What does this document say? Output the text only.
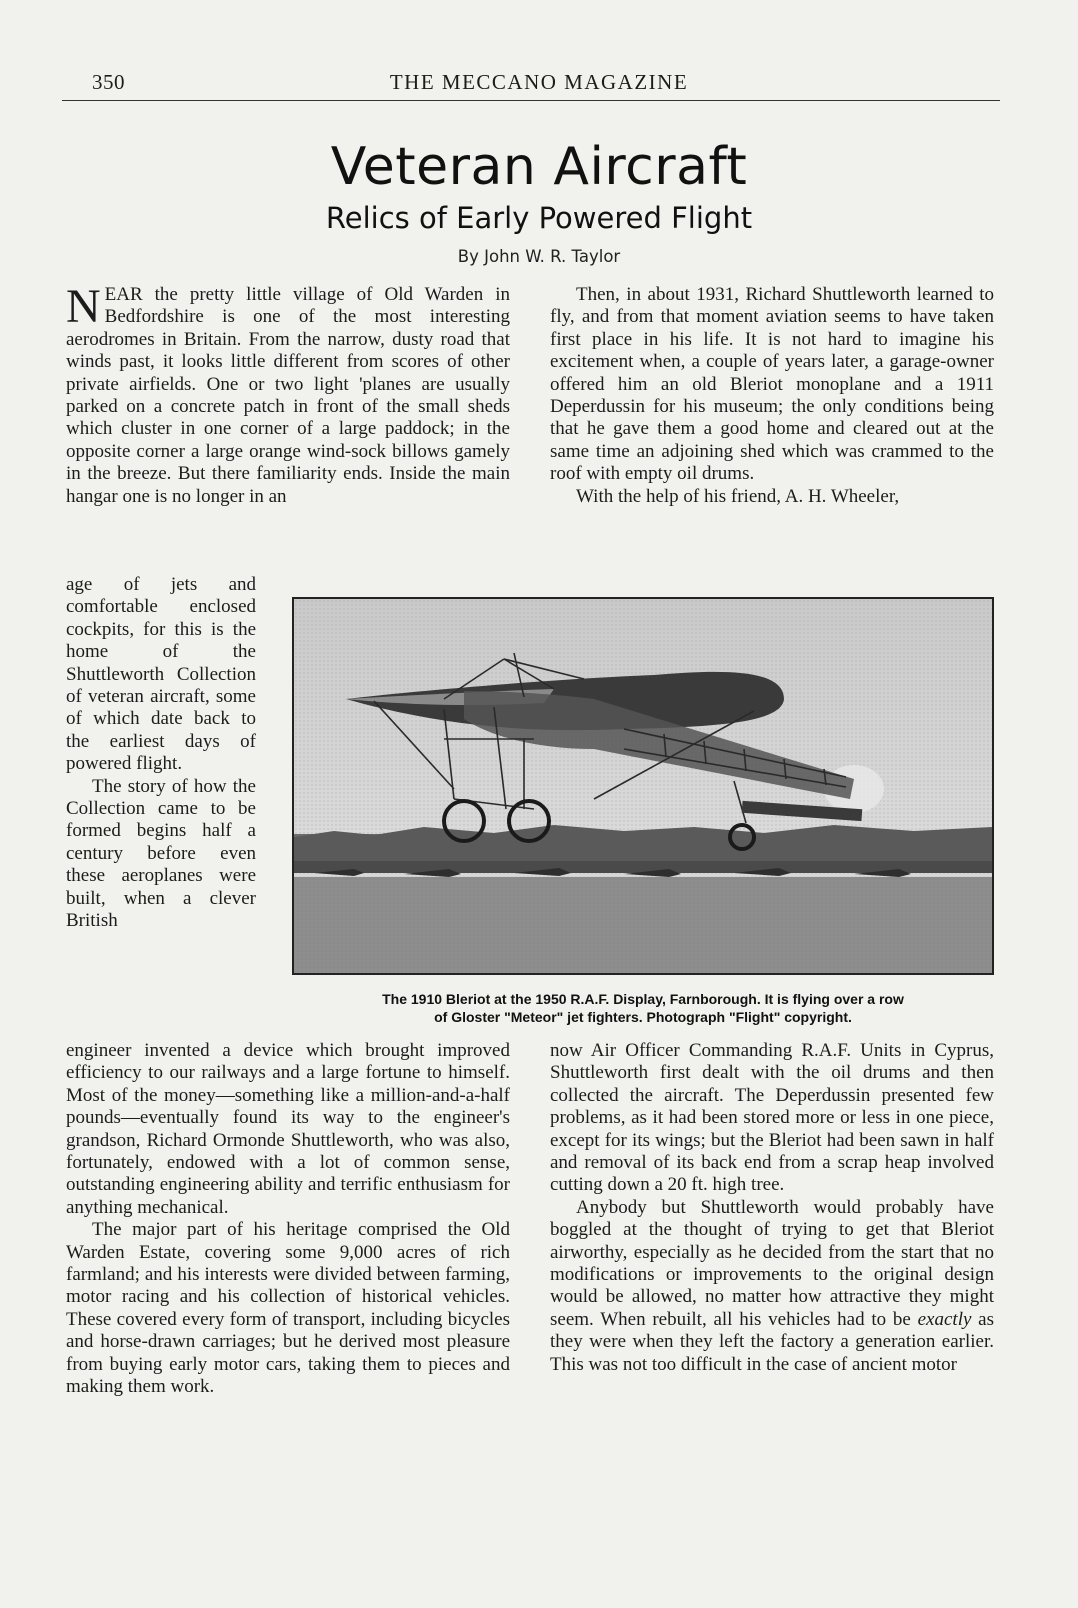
350	THE MECCANO MAGAZINE
Veteran Aircraft
Relics of Early Powered Flight
By John W. R. Taylor

NEAR the pretty little village of Old Warden in Bedfordshire is one of the most interesting aerodromes in Britain. From the narrow, dusty road that winds past, it looks little different from scores of other private airfields. One or two light 'planes are usually parked on a concrete patch in front of the small sheds which cluster in one corner of a large paddock; in the opposite corner a large orange wind-sock billows gamely in the breeze. But there familiarity ends. Inside the main hangar one is no longer in an

age of jets and comfortable enclosed cockpits, for this is the home of the Shuttleworth Collection of veteran aircraft, some of which date back to the earliest days of powered flight.

The story of how the Collection came to be formed begins half a century before even these aeroplanes were built, when a clever British

The 1910 Bleriot at the 1950 R.A.F. Display, Farnborough. It is flying over a row
of Gloster "Meteor" jet fighters. Photograph "Flight" copyright.

engineer invented a device which brought improved efficiency to our railways and a large fortune to himself. Most of the money—something like a million-and-a-half pounds—eventually found its way to the engineer's grandson, Richard Ormonde Shuttleworth, who was also, fortunately, endowed with a lot of common sense, outstanding engineering ability and terrific enthusiasm for anything mechanical.

The major part of his heritage comprised the Old Warden Estate, covering some 9,000 acres of rich farmland; and his interests were divided between farming, motor racing and his collection of historical vehicles. These covered every form of transport, including bicycles and horse-drawn carriages; but he derived most pleasure from buying early motor cars, taking them to pieces and making them work.

Then, in about 1931, Richard Shuttleworth learned to fly, and from that moment aviation seems to have taken first place in his life. It is not hard to imagine his excitement when, a couple of years later, a garage-owner offered him an old Bleriot monoplane and a 1911 Deperdussin for his museum; the only conditions being that he gave them a good home and cleared out at the same time an adjoining shed which was crammed to the roof with empty oil drums.

With the help of his friend, A. H. Wheeler,

now Air Officer Commanding R.A.F. Units in Cyprus, Shuttleworth first dealt with the oil drums and then collected the aircraft. The Deperdussin presented few problems, as it had been stored more or less in one piece, except for its wings; but the Bleriot had been sawn in half and removal of its back end from a scrap heap involved cutting down a 20 ft. high tree.

Anybody but Shuttleworth would probably have boggled at the thought of trying to get that Bleriot airworthy, especially as he decided from the start that no modifications or improvements to the original design would be allowed, no matter how attractive they might seem. When rebuilt, all his vehicles had to be exactly as they were when they left the factory a generation earlier. This was not too difficult in the case of ancient motor
